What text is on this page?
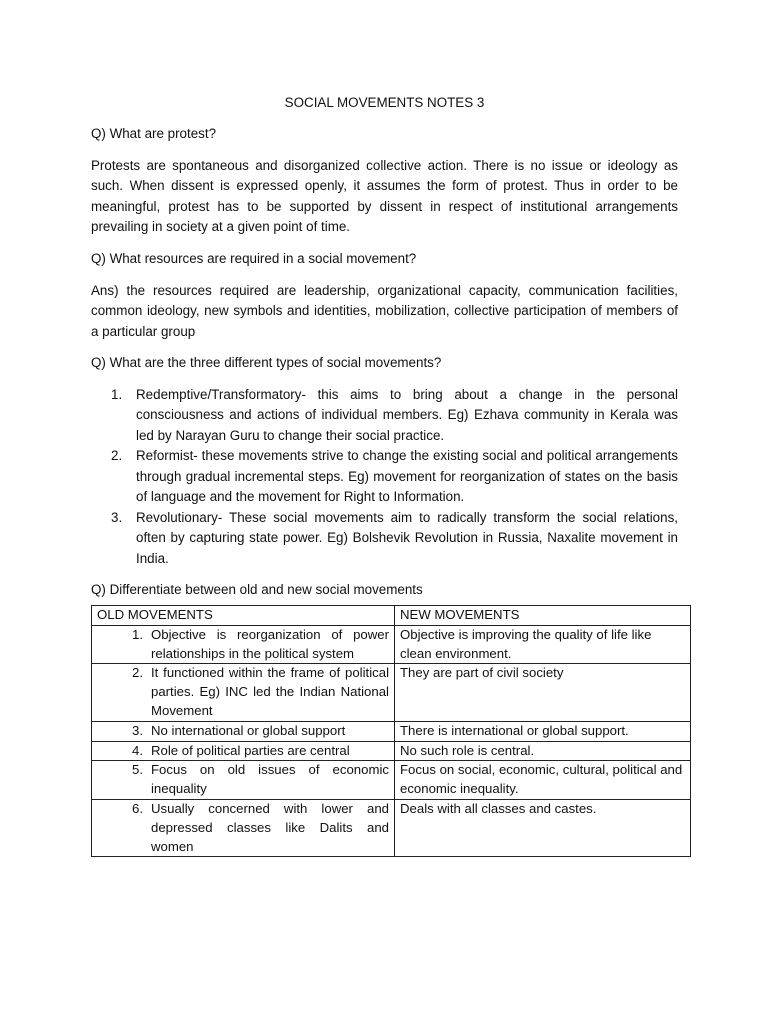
SOCIAL MOVEMENTS NOTES 3

Q) What are protest?

Protests are spontaneous and disorganized collective action. There is no issue or ideology as such. When dissent is expressed openly, it assumes the form of protest. Thus in order to be meaningful, protest has to be supported by dissent in respect of institutional arrangements prevailing in society at a given point of time.

Q) What resources are required in a social movement?

Ans) the resources required are leadership, organizational capacity, communication facilities, common ideology, new symbols and identities, mobilization, collective participation of members of a particular group

Q) What are the three different types of social movements?

1. Redemptive/Transformatory- this aims to bring about a change in the personal consciousness and actions of individual members. Eg) Ezhava community in Kerala was led by Narayan Guru to change their social practice.
2. Reformist- these movements strive to change the existing social and political arrangements through gradual incremental steps. Eg) movement for reorganization of states on the basis of language and the movement for Right to Information.
3. Revolutionary- These social movements aim to radically transform the social relations, often by capturing state power. Eg) Bolshevik Revolution in Russia, Naxalite movement in India.

Q) Differentiate between old and new social movements

OLD MOVEMENTS	NEW MOVEMENTS

1. Objective is reorganization of power relationships in the political system	Objective is improving the quality of life like clean environment.

2. It functioned within the frame of political parties. Eg) INC led the Indian National Movement	They are part of civil society

3. No international or global support	There is international or global support.

4. Role of political parties are central	No such role is central.

5. Focus on old issues of economic inequality	Focus on social, economic, cultural, political and economic inequality.

6. Usually concerned with lower and depressed classes like Dalits and women	Deals with all classes and castes.
